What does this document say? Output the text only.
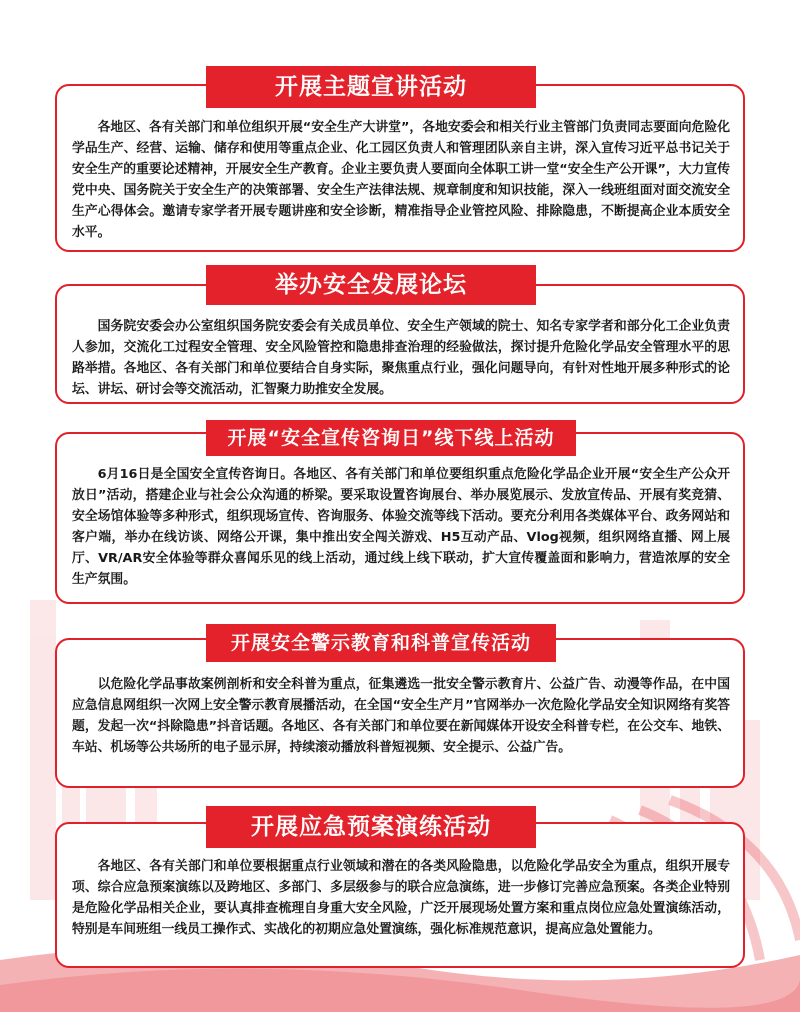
开展主题宣讲活动

各地区、各有关部门和单位组织开展“安全生产大讲堂”，各地安委会和相关行业主管部门负责同志要面向危险化学品生产、经营、运输、储存和使用等重点企业、化工园区负责人和管理团队亲自主讲，深入宣传习近平总书记关于安全生产的重要论述精神，开展安全生产教育。企业主要负责人要面向全体职工讲一堂“安全生产公开课”，大力宣传党中央、国务院关于安全生产的决策部署、安全生产法律法规、规章制度和知识技能，深入一线班组面对面交流安全生产心得体会。邀请专家学者开展专题讲座和安全诊断，精准指导企业管控风险、排除隐患，不断提高企业本质安全水平。

举办安全发展论坛

国务院安委会办公室组织国务院安委会有关成员单位、安全生产领域的院士、知名专家学者和部分化工企业负责人参加，交流化工过程安全管理、安全风险管控和隐患排查治理的经验做法，探讨提升危险化学品安全管理水平的思路举措。各地区、各有关部门和单位要结合自身实际，聚焦重点行业，强化问题导向，有针对性地开展多种形式的论坛、讲坛、研讨会等交流活动，汇智聚力助推安全发展。

开展“安全宣传咨询日”线下线上活动

6月16日是全国安全宣传咨询日。各地区、各有关部门和单位要组织重点危险化学品企业开展“安全生产公众开放日”活动，搭建企业与社会公众沟通的桥梁。要采取设置咨询展台、举办展览展示、发放宣传品、开展有奖竞猜、安全场馆体验等多种形式，组织现场宣传、咨询服务、体验交流等线下活动。要充分利用各类媒体平台、政务网站和客户端，举办在线访谈、网络公开课，集中推出安全闯关游戏、H5互动产品、Vlog视频，组织网络直播、网上展厅、VR/AR安全体验等群众喜闻乐见的线上活动，通过线上线下联动，扩大宣传覆盖面和影响力，营造浓厚的安全生产氛围。

开展安全警示教育和科普宣传活动

以危险化学品事故案例剖析和安全科普为重点，征集遴选一批安全警示教育片、公益广告、动漫等作品，在中国应急信息网组织一次网上安全警示教育展播活动，在全国“安全生产月”官网举办一次危险化学品安全知识网络有奖答题，发起一次“抖除隐患”抖音话题。各地区、各有关部门和单位要在新闻媒体开设安全科普专栏，在公交车、地铁、车站、机场等公共场所的电子显示屏，持续滚动播放科普短视频、安全提示、公益广告。

开展应急预案演练活动

各地区、各有关部门和单位要根据重点行业领域和潜在的各类风险隐患，以危险化学品安全为重点，组织开展专项、综合应急预案演练以及跨地区、多部门、多层级参与的联合应急演练，进一步修订完善应急预案。各类企业特别是危险化学品相关企业，要认真排查梳理自身重大安全风险，广泛开展现场处置方案和重点岗位应急处置演练活动，特别是车间班组一线员工操作式、实战化的初期应急处置演练，强化标准规范意识，提高应急处置能力。
